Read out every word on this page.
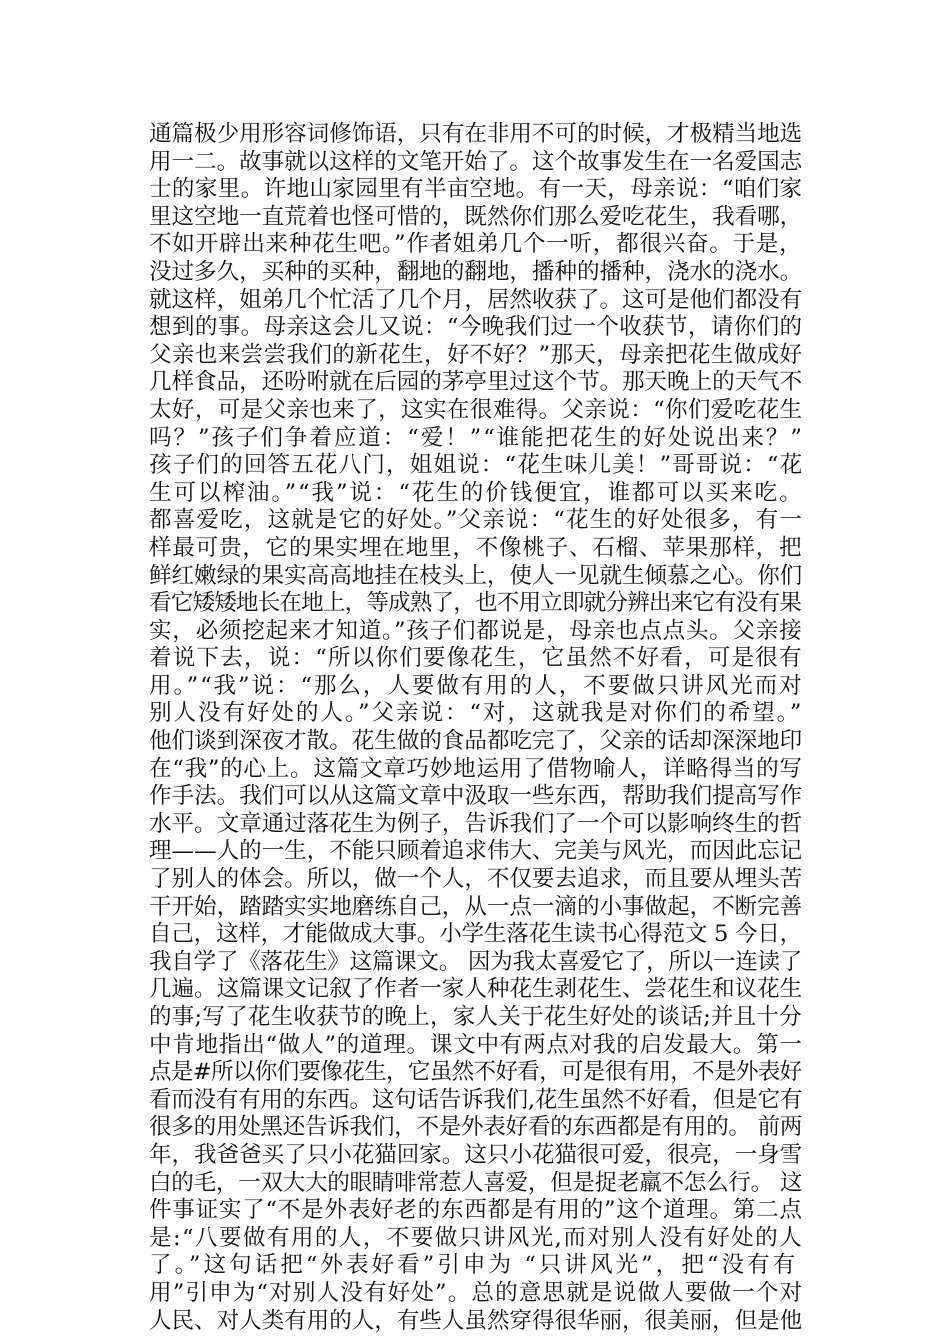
通篇极少用形容词修饰语，只有在非用不可的时候，才极精当地选
用一二。故事就以这样的文笔开始了。这个故事发生在一名爱国志
士的家里。许地山家园里有半亩空地。有一天，母亲说：“咱们家
里这空地一直荒着也怪可惜的，既然你们那么爱吃花生，我看哪，
不如开辟出来种花生吧。”作者姐弟几个一听，都很兴奋。于是，
没过多久，买种的买种，翻地的翻地，播种的播种，浇水的浇水。
就这样，姐弟几个忙活了几个月，居然收获了。这可是他们都没有
想到的事。母亲这会儿又说：“今晚我们过一个收获节，请你们的
父亲也来尝尝我们的新花生，好不好？”那天，母亲把花生做成好
几样食品，还吩咐就在后园的茅亭里过这个节。那天晚上的天气不
太好，可是父亲也来了，这实在很难得。父亲说：“你们爱吃花生
吗？”孩子们争着应道：“爱！”“谁能把花生的好处说出来？”
孩子们的回答五花八门，姐姐说：“花生味儿美！”哥哥说：“花
生可以榨油。”“我”说：“花生的价钱便宜，谁都可以买来吃。
都喜爱吃，这就是它的好处。”父亲说：“花生的好处很多，有一
样最可贵，它的果实埋在地里，不像桃子、石榴、苹果那样，把
鲜红嫩绿的果实高高地挂在枝头上，使人一见就生倾慕之心。你们
看它矮矮地长在地上，等成熟了，也不用立即就分辨出来它有没有果
实，必须挖起来才知道。”孩子们都说是，母亲也点点头。父亲接
着说下去，说：“所以你们要像花生，它虽然不好看，可是很有
用。”“我”说：“那么，人要做有用的人，不要做只讲风光而对
别人没有好处的人。”父亲说：“对，这就我是对你们的希望。”
他们谈到深夜才散。花生做的食品都吃完了，父亲的话却深深地印
在“我”的心上。这篇文章巧妙地运用了借物喻人，详略得当的写
作手法。我们可以从这篇文章中汲取一些东西，帮助我们提高写作
水平。文章通过落花生为例子，告诉我们了一个可以影响终生的哲
理——人的一生，不能只顾着追求伟大、完美与风光，而因此忘记
了别人的体会。所以，做一个人，不仅要去追求，而且要从埋头苦
干开始，踏踏实实地磨练自己，从一点一滴的小事做起，不断完善
自己，这样，才能做成大事。小学生落花生读书心得范文 5 今日，
我自学了《落花生》这篇课文。 因为我太喜爱它了，所以一连读了
几遍。这篇课文记叙了作者一家人种花生剥花生、尝花生和议花生
的事;写了花生收获节的晚上，家人关于花生好处的谈话;并且十分
中肯地指出“做人”的道理。课文中有两点对我的启发最大。第一
点是#所以你们要像花生，它虽然不好看，可是很有用，不是外表好
看而没有有用的东西。这句话告诉我们,花生虽然不好看，但是它有
很多的用处黑还告诉我们，不是外表好看的东西都是有用的。 前两
年，我爸爸买了只小花猫回家。这只小花猫很可爱，很亮，一身雪
白的毛，一双大大的眼睛啡常惹人喜爱，但是捉老羸不怎么行。 这
件事证实了“不是外表好老的东西都是有用的”这个道理。第二点
是:“八要做有用的人，不要做只讲风光,而对别人没有好处的人
了。”这句话把“外表好看”引申为 “只讲风光”，把“没有有
用”引申为“对别人没有好处”。总的意思就是说做人要做一个对
人民、对人类有用的人，有些人虽然穿得很华丽，很美丽，但是他
